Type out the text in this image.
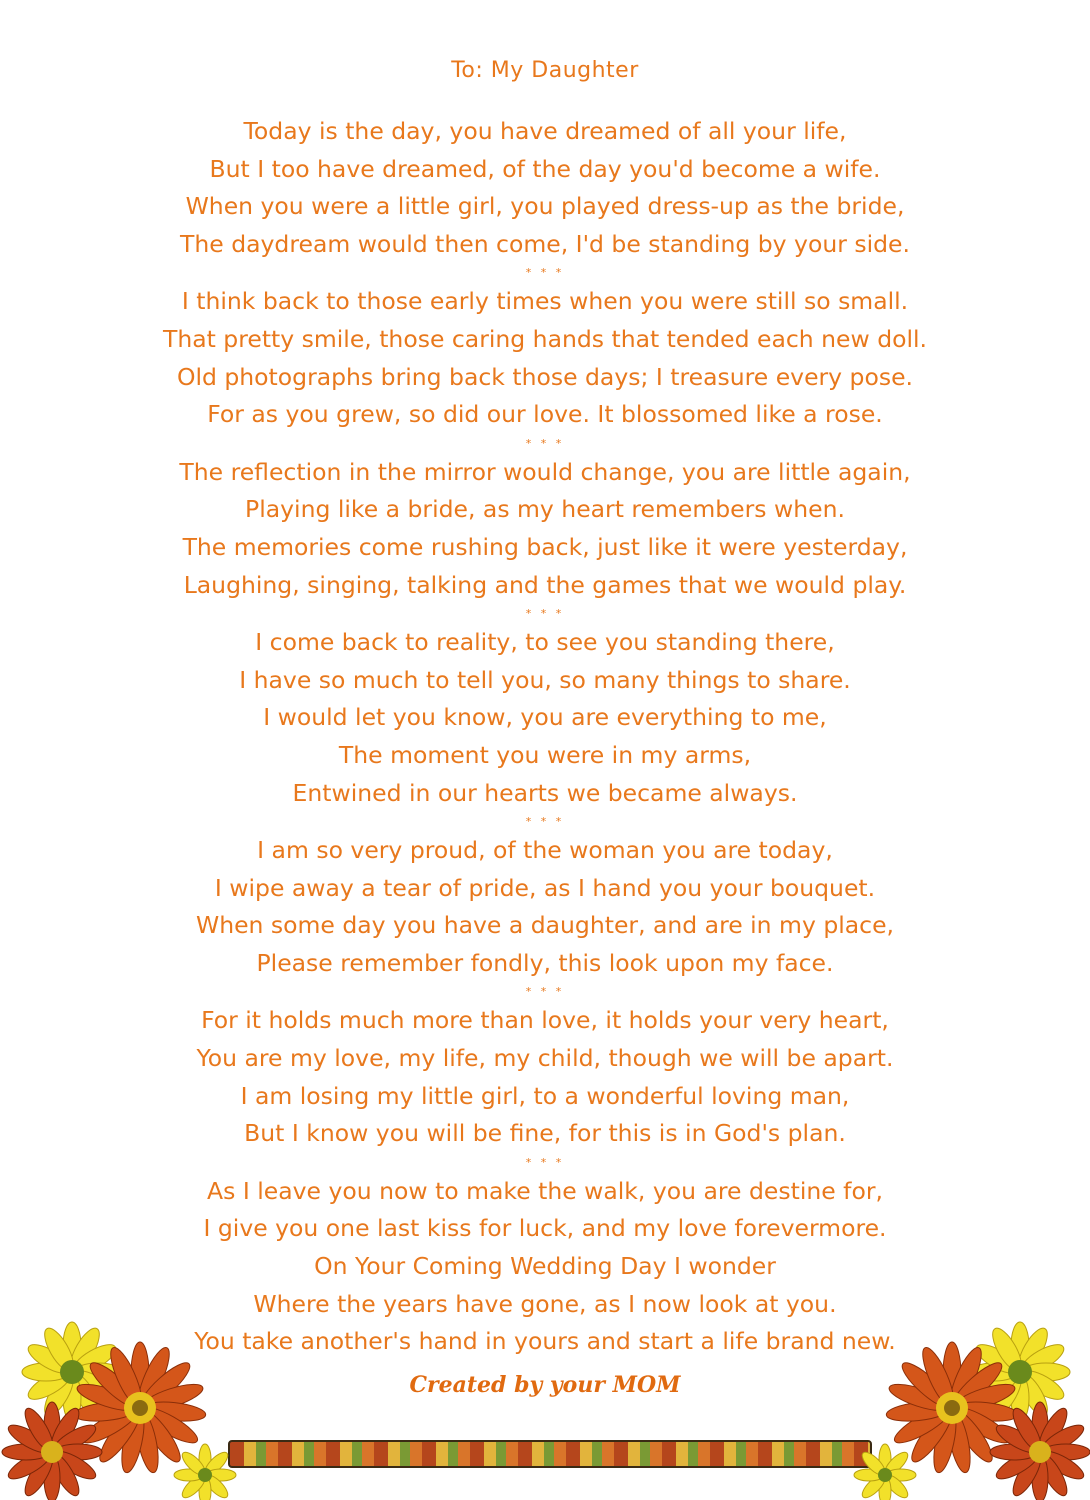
To: My Daughter
Today is the day, you have dreamed of all your life,
But I too have dreamed, of the day you'd become a wife.
When you were a little girl, you played dress-up as the bride,
The daydream would then come, I'd be standing by your side.
* * *
I think back to those early times when you were still so small.
That pretty smile, those caring hands that tended each new doll.
Old photographs bring back those days; I treasure every pose.
For as you grew, so did our love. It blossomed like a rose.
* * *
The reflection in the mirror would change, you are little again,
Playing like a bride, as my heart remembers when.
The memories come rushing back, just like it were yesterday,
Laughing, singing, talking and the games that we would play.
* * *
I come back to reality, to see you standing there,
I have so much to tell you, so many things to share.
I would let you know, you are everything to me,
The moment you were in my arms,
Entwined in our hearts we became always.
* * *
I am so very proud, of the woman you are today,
I wipe away a tear of pride, as I hand you your bouquet.
When some day you have a daughter, and are in my place,
Please remember fondly, this look upon my face.
* * *
For it holds much more than love, it holds your very heart,
You are my love, my life, my child, though we will be apart.
I am losing my little girl, to a wonderful loving man,
But I know you will be fine, for this is in God's plan.
* * *
As I leave you now to make the walk, you are destine for,
I give you one last kiss for luck, and my love forevermore.
On Your Coming Wedding Day I wonder
Where the years have gone, as I now look at you.
You take another's hand in yours and start a life brand new.
Created by your MOM
